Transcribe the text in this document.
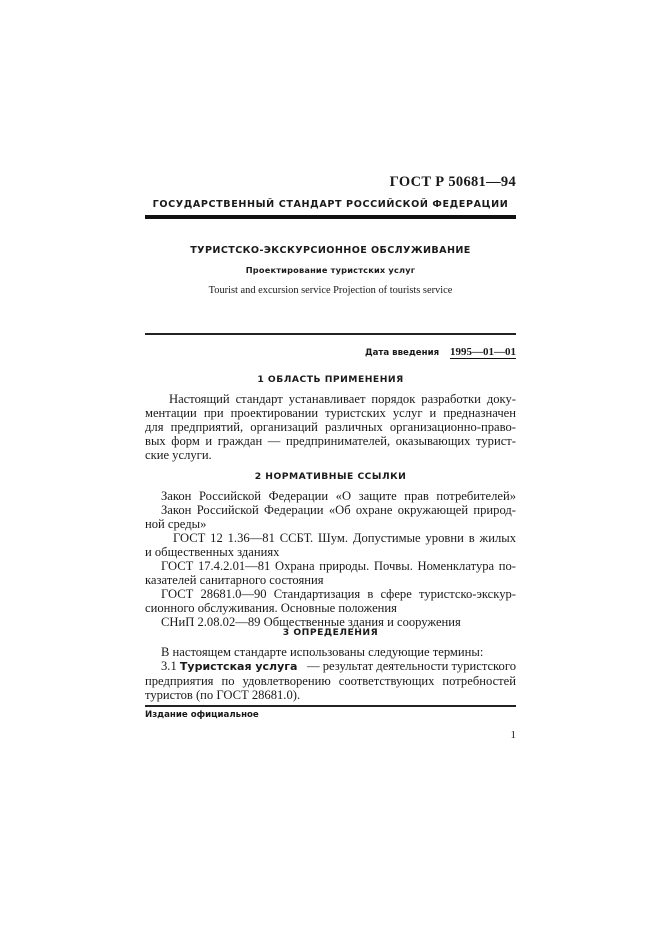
ГОСТ Р 50681—94
ГОСУДАРСТВЕННЫЙ СТАНДАРТ РОССИЙСКОЙ ФЕДЕРАЦИИ
ТУРИСТСКО-ЭКСКУРСИОННОЕ ОБСЛУЖИВАНИЕ
Проектирование туристских услуг
Tourist and excursion service Projection of tourists service
Дата введения 1995—01—01
1 ОБЛАСТЬ ПРИМЕНЕНИЯ
Настоящий стандарт устанавливает порядок разработки доку-
ментации при проектировании туристских услуг и предназначен
для предприятий, организаций различных организационно-право-
вых форм и граждан — предпринимателей, оказывающих турист-
ские услуги.
2 НОРМАТИВНЫЕ ССЫЛКИ
Закон Российской Федерации «О защите прав потребителей»
Закон Российской Федерации «Об охране окружающей природ-
ной среды»
ГОСТ 12 1.36—81 ССБТ. Шум. Допустимые уровни в жилых
и общественных зданиях
ГОСТ 17.4.2.01—81 Охрана природы. Почвы. Номенклатура по-
казателей санитарного состояния
ГОСТ 28681.0—90 Стандартизация в сфере туристско-экскур-
сионного обслуживания. Основные положения
СНиП 2.08.02—89 Общественные здания и сооружения
3 ОПРЕДЕЛЕНИЯ
В настоящем стандарте использованы следующие термины:
3.1 Туристская услуга — результат деятельности туристского
предприятия по удовлетворению соответствующих потребностей
туристов (по ГОСТ 28681.0).
Издание официальное
1
